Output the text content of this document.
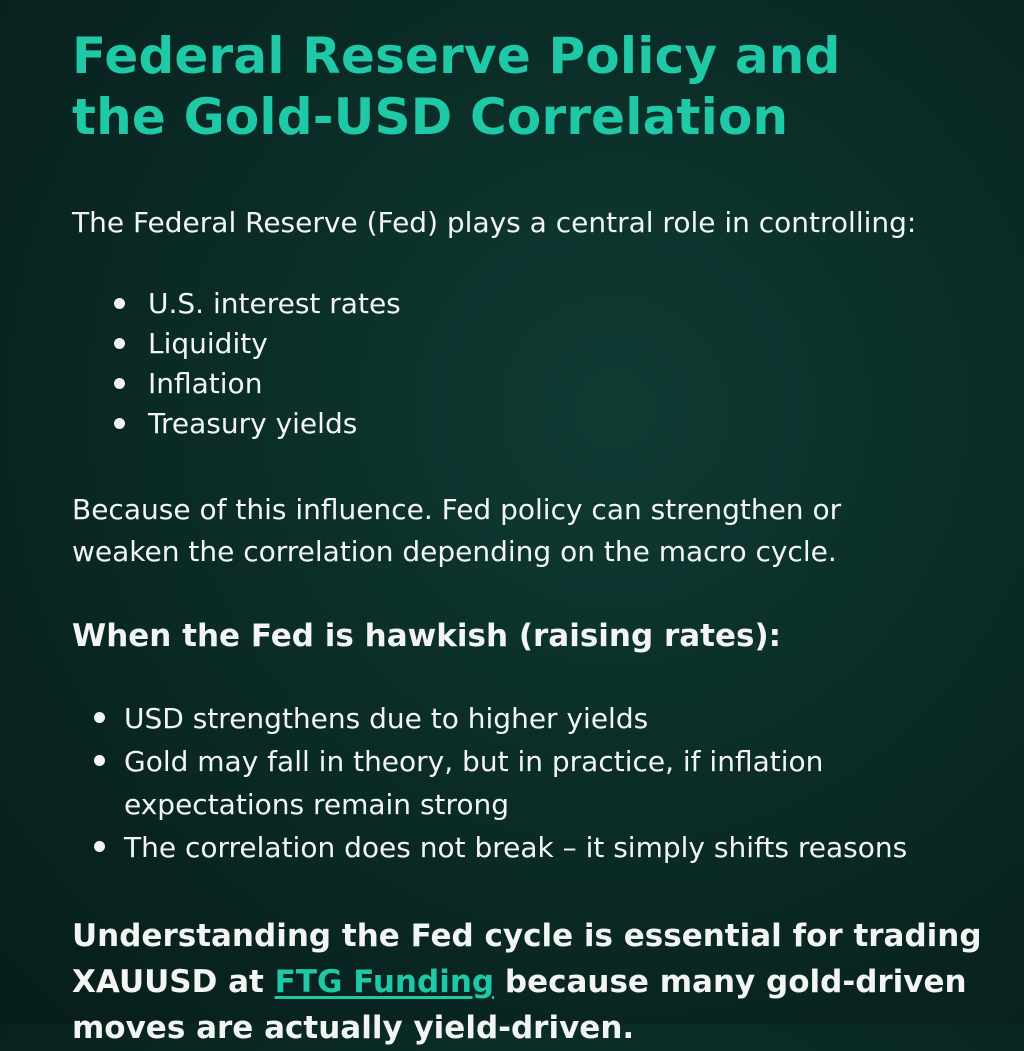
Federal Reserve Policy and
the Gold-USD Correlation

The Federal Reserve (Fed) plays a central role in controlling:

U.S. interest rates
Liquidity
Inflation
Treasury yields

Because of this influence. Fed policy can strengthen or
weaken the correlation depending on the macro cycle.

When the Fed is hawkish (raising rates):
USD strengthens due to higher yields
Gold may fall in theory, but in practice, if inflation
expectations remain strong
The correlation does not break – it simply shifts reasons

Understanding the Fed cycle is essential for trading
XAUUSD at FTG Funding because many gold-driven
moves are actually yield-driven.
